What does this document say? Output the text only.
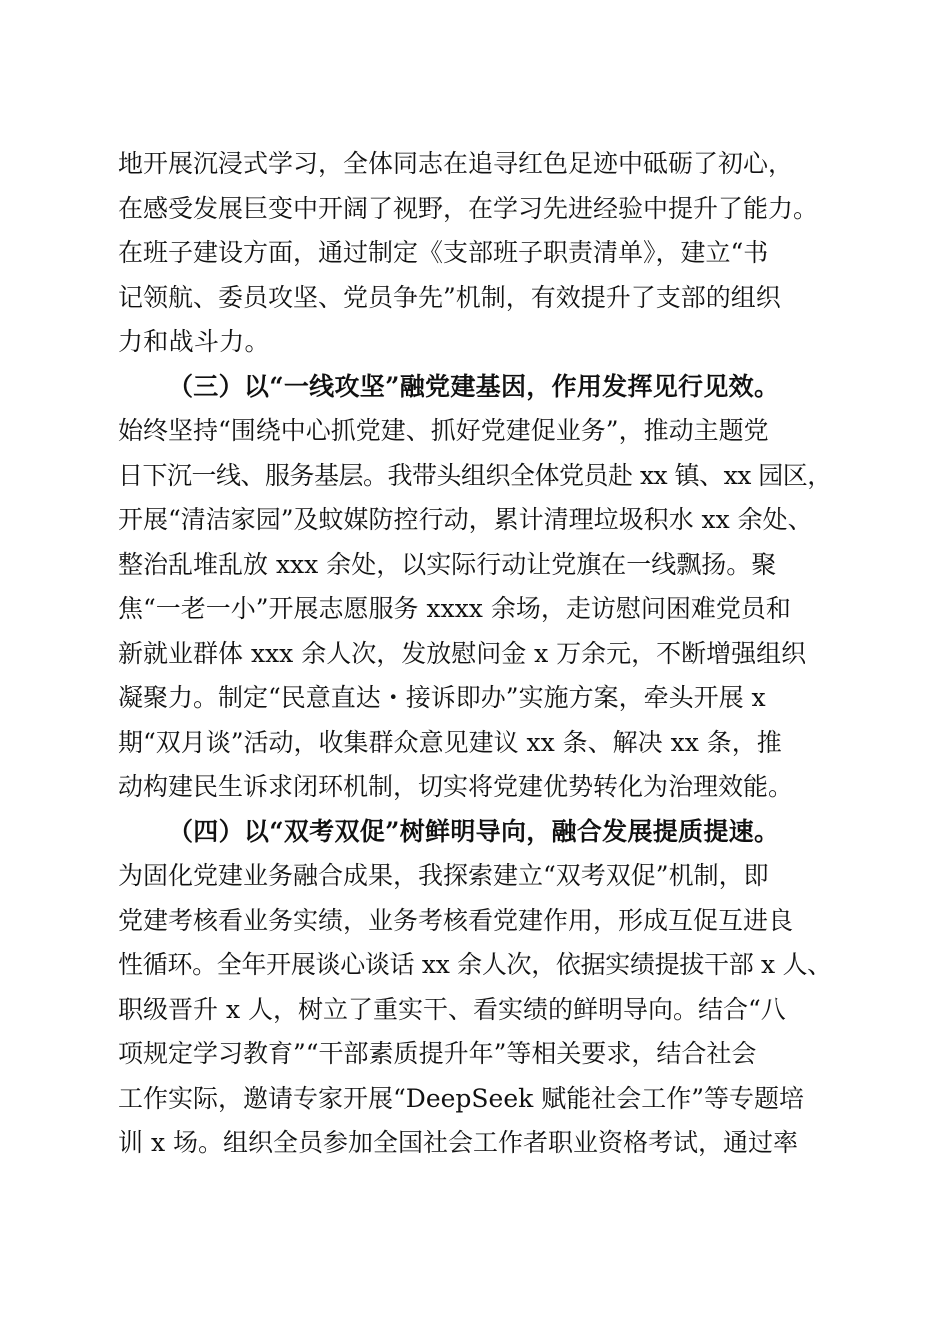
地开展沉浸式学习，全体同志在追寻红色足迹中砥砺了初心，
在感受发展巨变中开阔了视野，在学习先进经验中提升了能力。
在班子建设方面，通过制定《支部班子职责清单》，建立“书
记领航、委员攻坚、党员争先”机制，有效提升了支部的组织
力和战斗力。
（三）以“一线攻坚”融党建基因，作用发挥见行见效。
始终坚持“围绕中心抓党建、抓好党建促业务”，推动主题党
日下沉一线、服务基层。我带头组织全体党员赴 xx 镇、xx 园区，
开展“清洁家园”及蚊媒防控行动，累计清理垃圾积水 xx 余处、
整治乱堆乱放 xxx 余处，以实际行动让党旗在一线飘扬。聚
焦“一老一小”开展志愿服务 xxxx 余场，走访慰问困难党员和
新就业群体 xxx 余人次，发放慰问金 x 万余元，不断增强组织
凝聚力。制定“民意直达・接诉即办”实施方案，牵头开展 x
期“双月谈”活动，收集群众意见建议 xx 条、解决 xx 条，推
动构建民生诉求闭环机制，切实将党建优势转化为治理效能。
（四）以“双考双促”树鲜明导向，融合发展提质提速。
为固化党建业务融合成果，我探索建立“双考双促”机制，即
党建考核看业务实绩，业务考核看党建作用，形成互促互进良
性循环。全年开展谈心谈话 xx 余人次，依据实绩提拔干部 x 人、
职级晋升 x 人，树立了重实干、看实绩的鲜明导向。结合“八
项规定学习教育”“干部素质提升年”等相关要求，结合社会
工作实际，邀请专家开展“DeepSeek 赋能社会工作”等专题培
训 x 场。组织全员参加全国社会工作者职业资格考试，通过率
